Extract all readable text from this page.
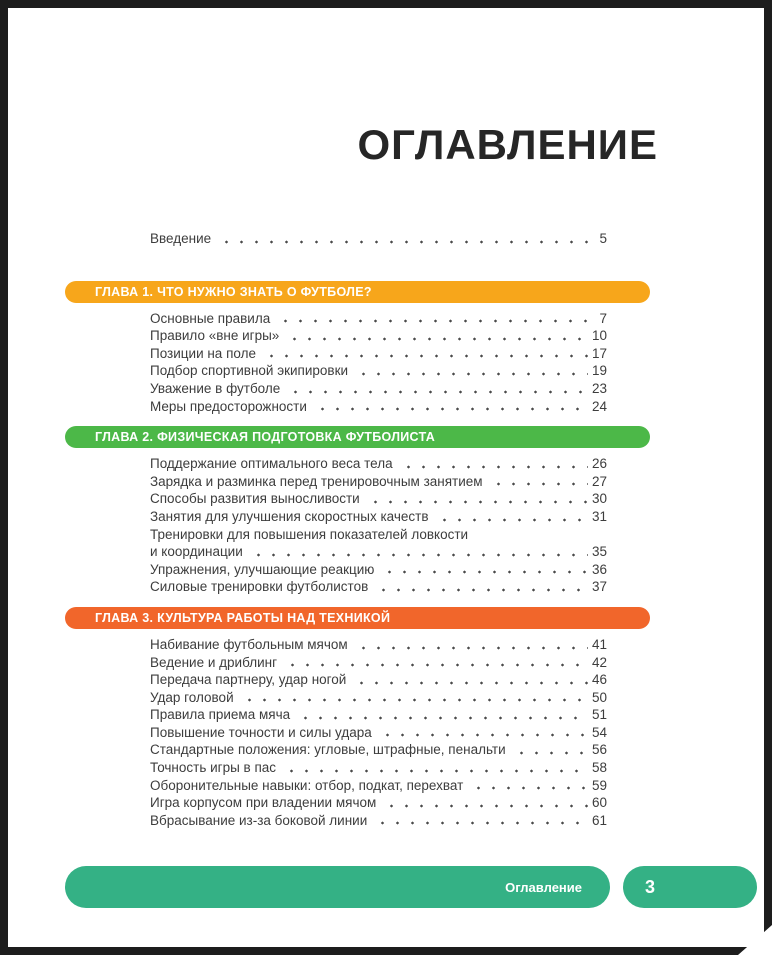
ОГЛАВЛЕНИЕ
Введение	5
ГЛАВА 1. ЧТО НУЖНО ЗНАТЬ О ФУТБОЛЕ?
Основные правила	7
Правило «вне игры»	10
Позиции на поле	17
Подбор спортивной экипировки	19
Уважение в футболе	23
Меры предосторожности	24
ГЛАВА 2. ФИЗИЧЕСКАЯ ПОДГОТОВКА ФУТБОЛИСТА
Поддержание оптимального веса тела	26
Зарядка и разминка перед тренировочным занятием	27
Способы развития выносливости	30
Занятия для улучшения скоростных качеств	31
Тренировки для повышения показателей ловкости
и координации	35
Упражнения, улучшающие реакцию	36
Силовые тренировки футболистов	37
ГЛАВА 3. КУЛЬТУРА РАБОТЫ НАД ТЕХНИКОЙ
Набивание футбольным мячом	41
Ведение и дриблинг	42
Передача партнеру, удар ногой	46
Удар головой	50
Правила приема мяча	51
Повышение точности и силы удара	54
Стандартные положения: угловые, штрафные, пенальти	56
Точность игры в пас	58
Оборонительные навыки: отбор, подкат, перехват	59
Игра корпусом при владении мячом	60
Вбрасывание из-за боковой линии	61
Оглавление	3
